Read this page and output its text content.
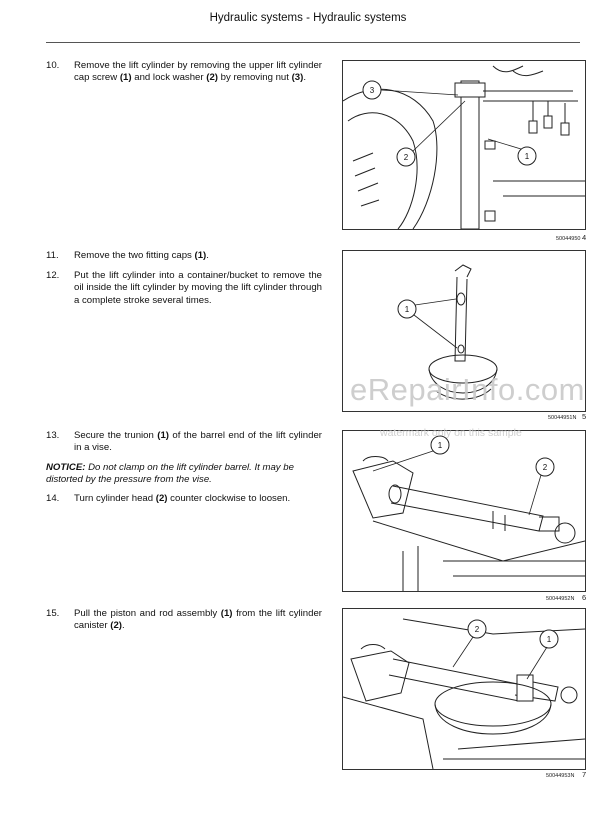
Hydraulic systems - Hydraulic systems
10. Remove the lift cylinder by removing the upper lift cylinder cap screw (1) and lock washer (2) by removing nut (3).
11. Remove the two fitting caps (1).
12. Put the lift cylinder into a container/bucket to remove the oil inside the lift cylinder by moving the lift cylinder through a complete stroke several times.
13. Secure the trunion (1) of the barrel end of the lift cylinder in a vise.
NOTICE: Do not clamp on the lift cylinder barrel. It may be distorted by the pressure from the vise.
14. Turn cylinder head (2) counter clockwise to loosen.
15. Pull the piston and rod assembly (1) from the lift cylinder canister (2).
3
2	1
50044950 4
1
50044951N 5
1
2
50044952N 6
2
1
50044953N 7
eRepairInfo.com
watermark only on this sample
